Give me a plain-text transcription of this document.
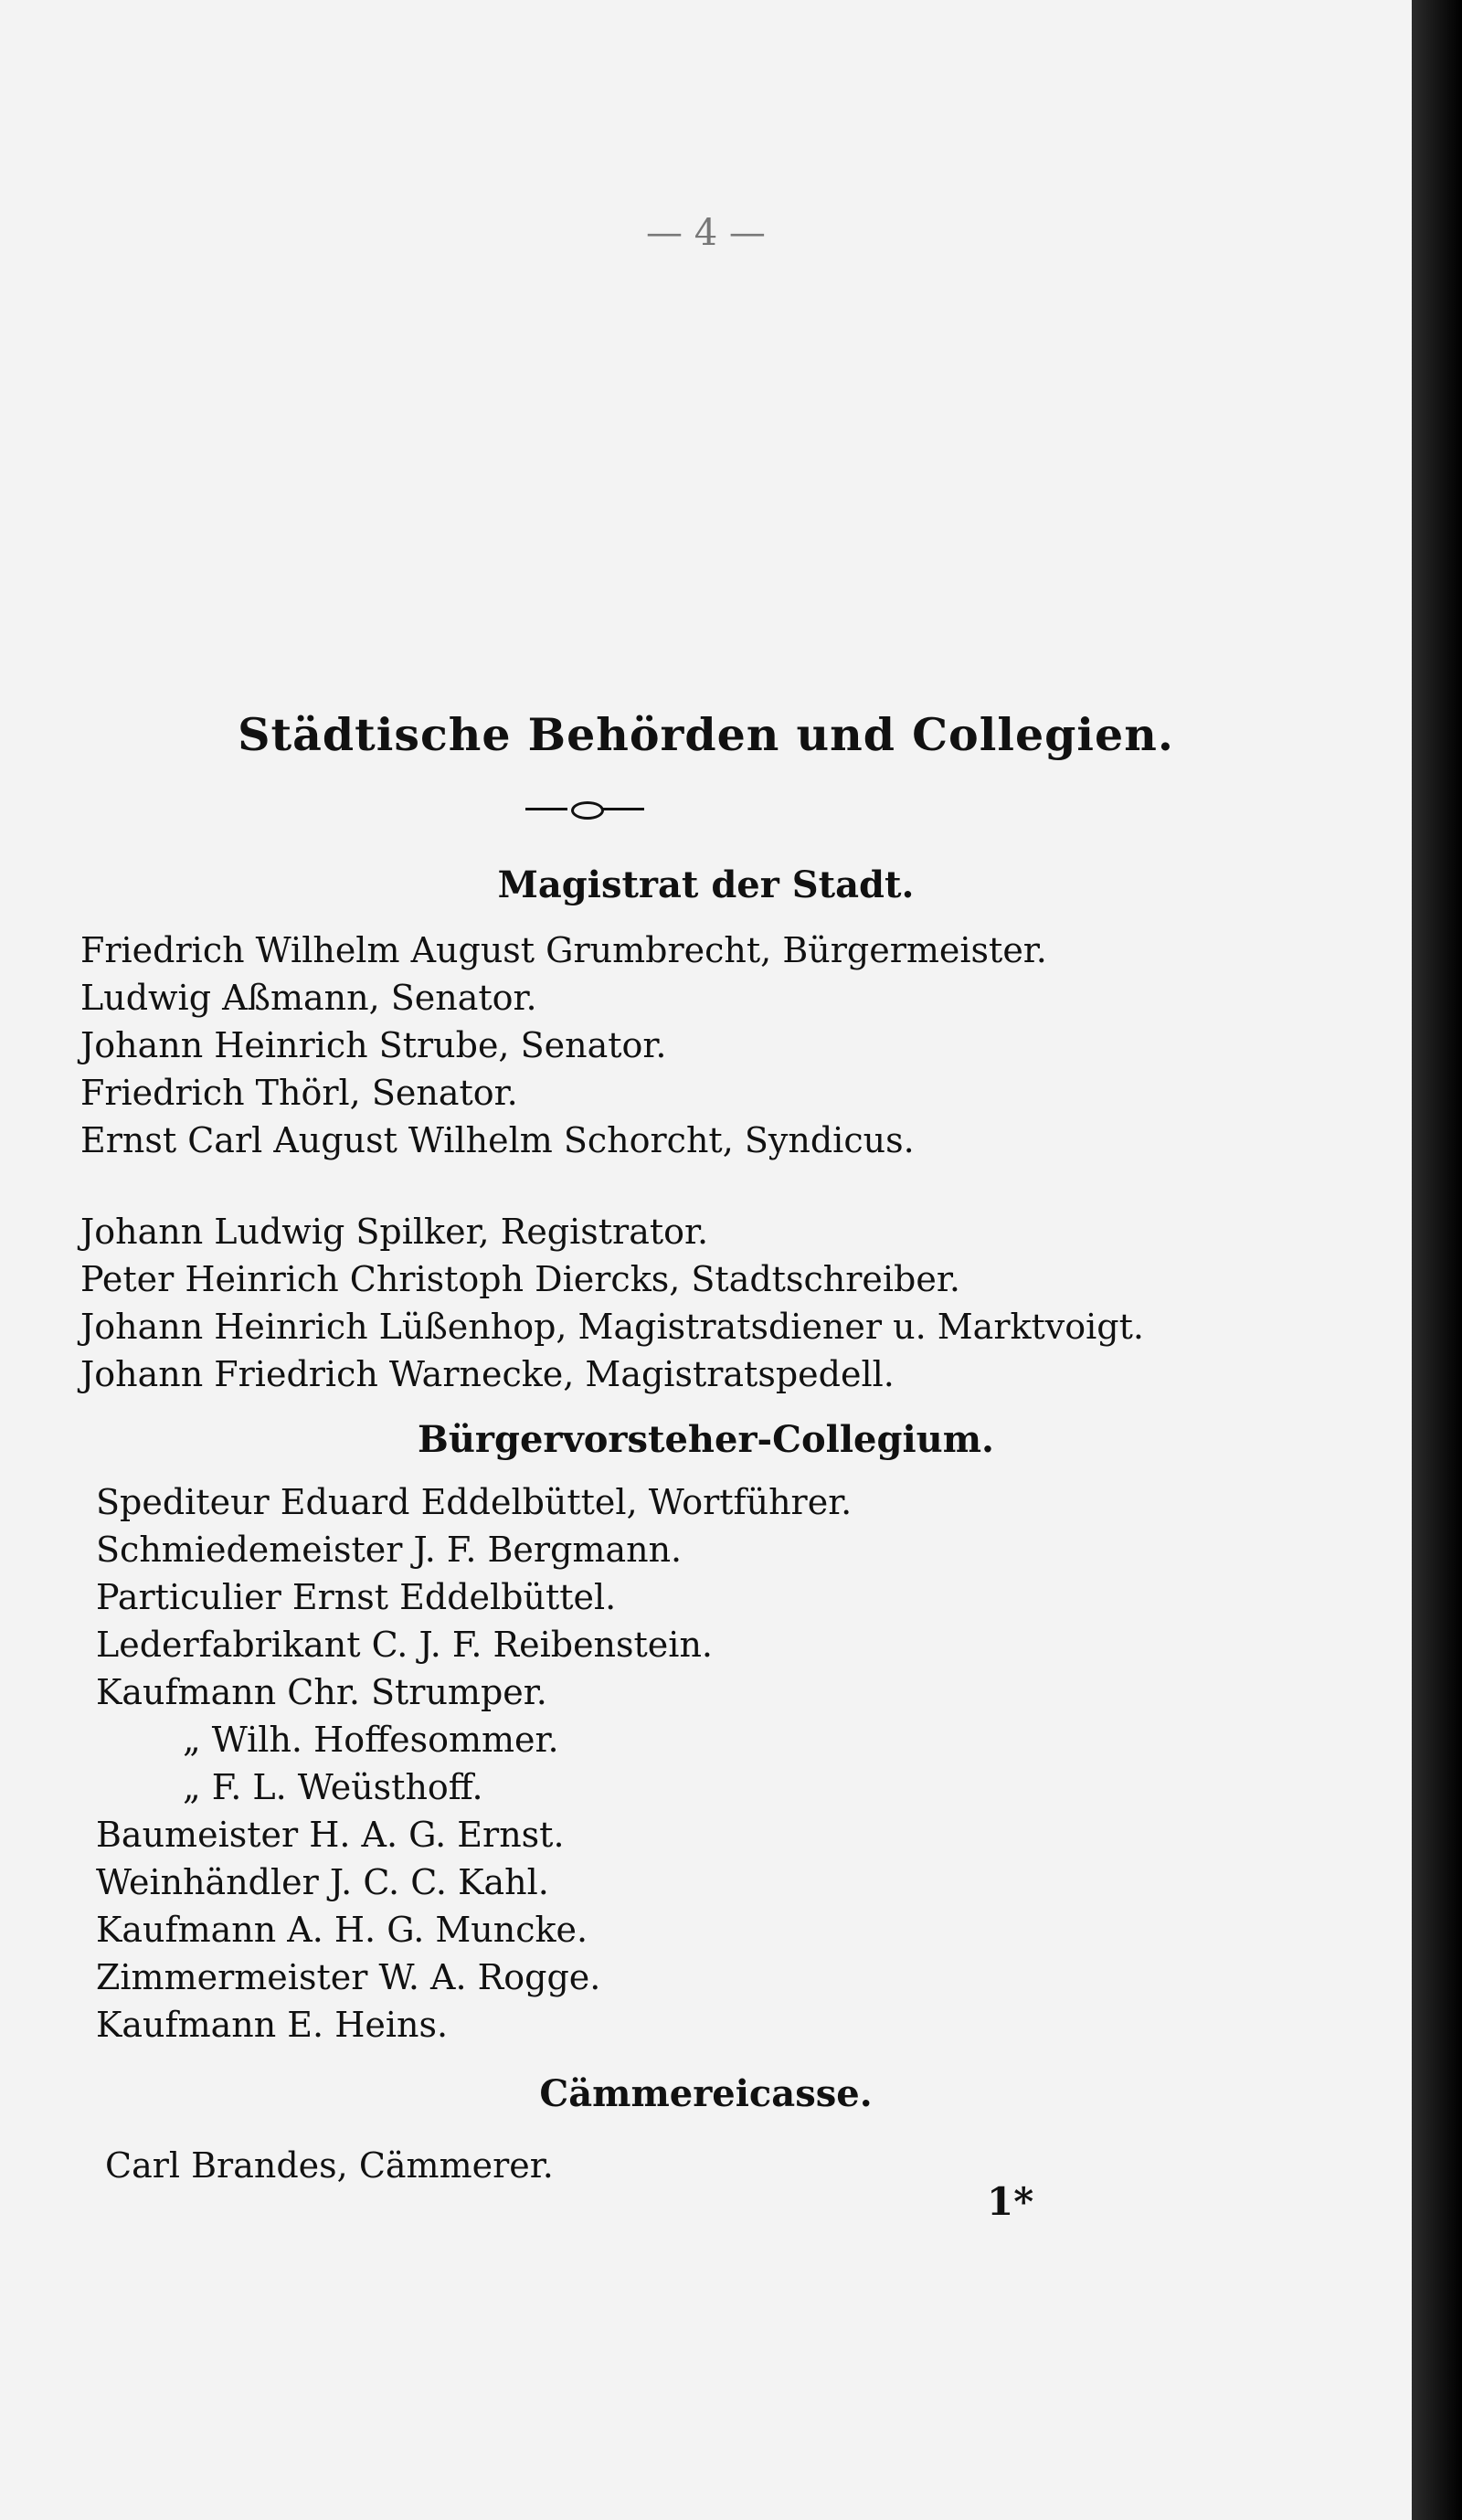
— 4 —
Städtische Behörden und Collegien.
Magistrat der Stadt.
Friedrich Wilhelm August Grumbrecht, Bürgermeister.
Ludwig Aßmann, Senator.
Johann Heinrich Strube, Senator.
Friedrich Thörl, Senator.
Ernst Carl August Wilhelm Schorcht, Syndicus.
Johann Ludwig Spilker, Registrator.
Peter Heinrich Christoph Diercks, Stadtschreiber.
Johann Heinrich Lüßenhop, Magistratsdiener u. Marktvoigt.
Johann Friedrich Warnecke, Magistratspedell.
Bürgervorsteher-Collegium.
Spediteur Eduard Eddelbüttel, Wortführer.
Schmiedemeister J. F. Bergmann.
Particulier Ernst Eddelbüttel.
Lederfabrikant C. J. F. Reibenstein.
Kaufmann Chr. Strumper.
„ Wilh. Hoffesommer.
„ F. L. Weüsthoff.
Baumeister H. A. G. Ernst.
Weinhändler J. C. C. Kahl.
Kaufmann A. H. G. Muncke.
Zimmermeister W. A. Rogge.
Kaufmann E. Heins.
Cämmereicasse.
Carl Brandes, Cämmerer.
1*
